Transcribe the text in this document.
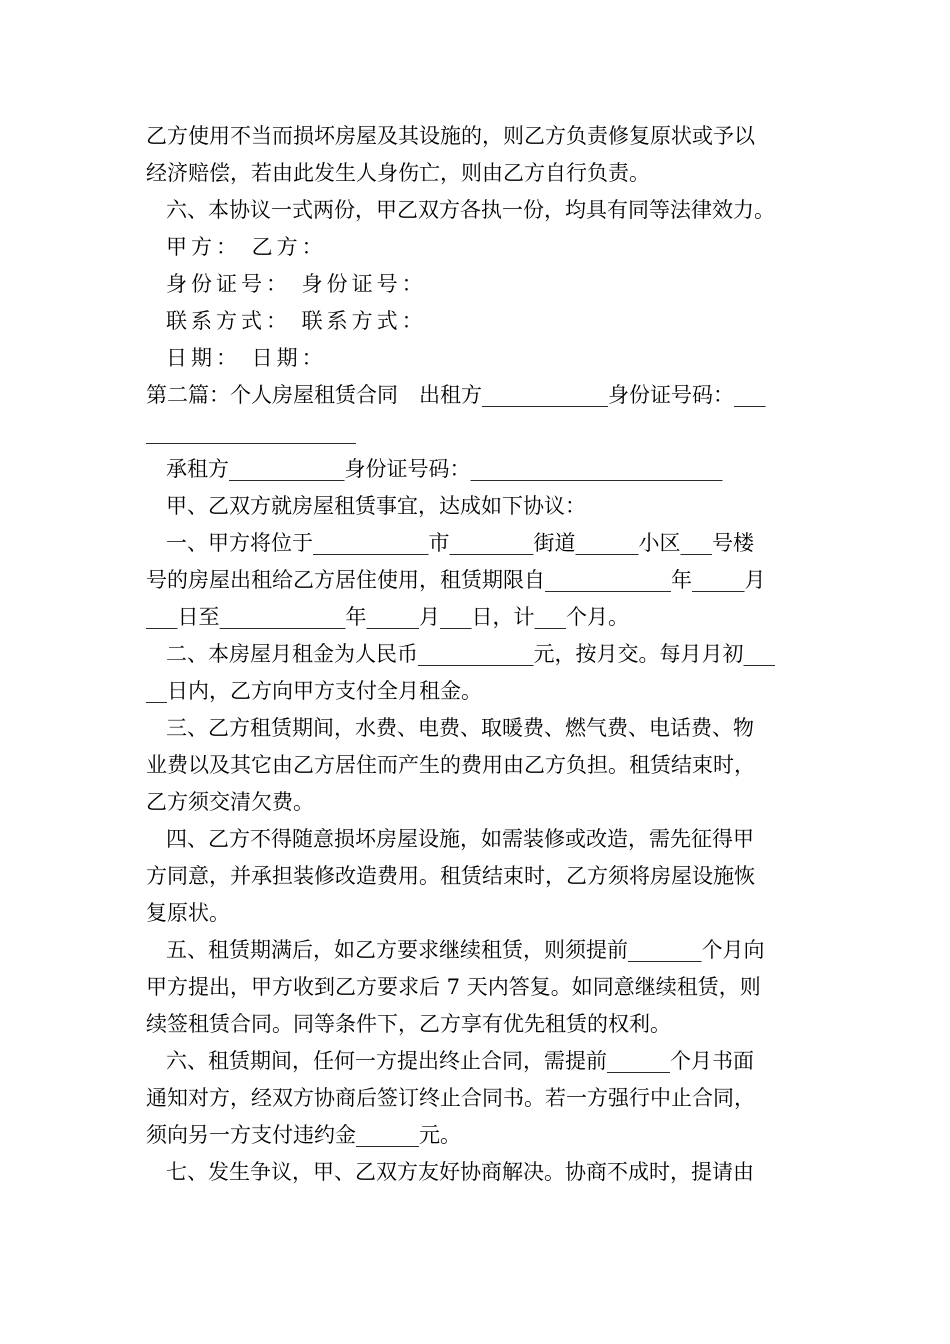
乙方使用不当而损坏房屋及其设施的，则乙方负责修复原状或予以
经济赔偿，若由此发生人身伤亡，则由乙方自行负责。
六、本协议一式两份，甲乙双方各执一份，均具有同等法律效力。
甲方： 乙方：
身份证号： 身份证号：
联系方式： 联系方式：
日期： 日期：
第二篇：个人房屋租赁合同　出租方____________身份证号码：___
____________________
承租方___________身份证号码：________________________
甲、乙双方就房屋租赁事宜，达成如下协议：
一、甲方将位于___________市________街道______小区___号楼
号的房屋出租给乙方居住使用，租赁期限自____________年_____月
___日至____________年_____月___日，计___个月。
二、本房屋月租金为人民币___________元，按月交。每月月初___
__日内，乙方向甲方支付全月租金。
三、乙方租赁期间，水费、电费、取暖费、燃气费、电话费、物
业费以及其它由乙方居住而产生的费用由乙方负担。租赁结束时，
乙方须交清欠费。
四、乙方不得随意损坏房屋设施，如需装修或改造，需先征得甲
方同意，并承担装修改造费用。租赁结束时，乙方须将房屋设施恢
复原状。
五、租赁期满后，如乙方要求继续租赁，则须提前_______个月向
甲方提出，甲方收到乙方要求后 7 天内答复。如同意继续租赁，则
续签租赁合同。同等条件下，乙方享有优先租赁的权利。
六、租赁期间，任何一方提出终止合同，需提前______个月书面
通知对方，经双方协商后签订终止合同书。若一方强行中止合同，
须向另一方支付违约金______元。
七、发生争议，甲、乙双方友好协商解决。协商不成时，提请由
